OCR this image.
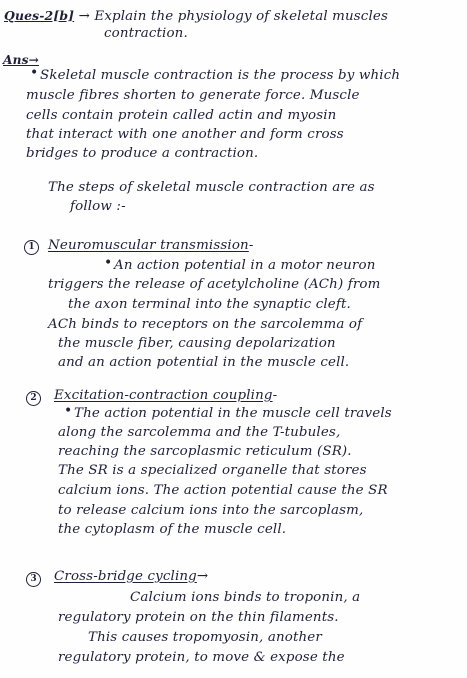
Ques-2[b] → Explain the physiology of skeletal muscles
contraction.
Ans→
• Skeletal muscle contraction is the process by which
muscle fibres shorten to generate force. Muscle
cells contain protein called actin and myosin
that interact with one another and form cross
bridges to produce a contraction.
The steps of skeletal muscle contraction are as
follow :-
1 Neuromuscular transmission-
• An action potential in a motor neuron
triggers the release of acetylcholine (ACh) from
the axon terminal into the synaptic cleft.
ACh binds to receptors on the sarcolemma of
the muscle fiber, causing depolarization
and an action potential in the muscle cell.
2	Excitation-contraction coupling-
• The action potential in the muscle cell travels
along the sarcolemma and the T-tubules,
reaching the sarcoplasmic reticulum (SR).
The SR is a specialized organelle that stores
calcium ions. The action potential cause the SR
to release calcium ions into the sarcoplasm,
the cytoplasm of the muscle cell.
3	Cross-bridge cycling→
Calcium ions binds to troponin, a
regulatory protein on the thin filaments.
This causes tropomyosin, another
regulatory protein, to move & expose the
